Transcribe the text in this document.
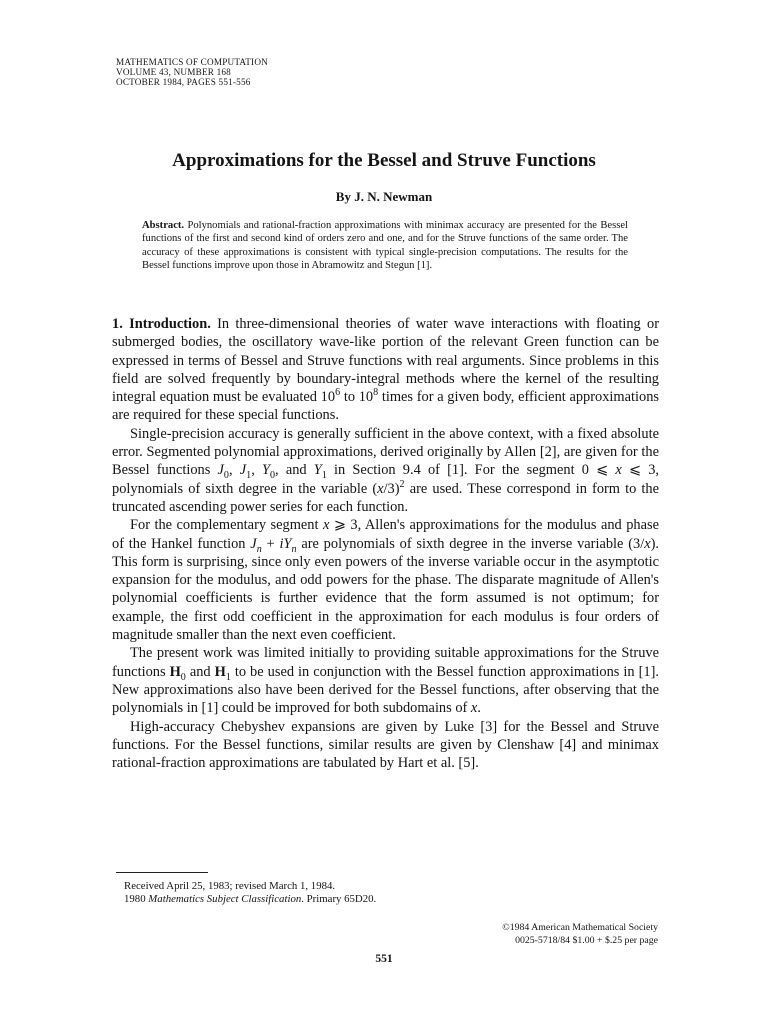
MATHEMATICS OF COMPUTATION
VOLUME 43, NUMBER 168
OCTOBER 1984, PAGES 551-556
Approximations for the Bessel and Struve Functions
By J. N. Newman
Abstract. Polynomials and rational-fraction approximations with minimax accuracy are presented for the Bessel functions of the first and second kind of orders zero and one, and for the Struve functions of the same order. The accuracy of these approximations is consistent with typical single-precision computations. The results for the Bessel functions improve upon those in Abramowitz and Stegun [1].

1. Introduction. In three-dimensional theories of water wave interactions with floating or submerged bodies, the oscillatory wave-like portion of the relevant Green function can be expressed in terms of Bessel and Struve functions with real arguments. Since problems in this field are solved frequently by boundary-integral methods where the kernel of the resulting integral equation must be evaluated $10^6$ to $10^8$ times for a given body, efficient approximations are required for these special functions.

Single-precision accuracy is generally sufficient in the above context, with a fixed absolute error. Segmented polynomial approximations, derived originally by Allen [2], are given for the Bessel functions $J_0$, $J_1$, $Y_0$, and $Y_1$ in Section 9.4 of [1]. For the segment 0 ⩽ x ⩽ 3, polynomials of sixth degree in the variable $(x/3)^2$ are used. These correspond in form to the truncated ascending power series for each function.

For the complementary segment x ⩾ 3, Allen's approximations for the modulus and phase of the Hankel function $J_n + iY_n$ are polynomials of sixth degree in the inverse variable (3/x). This form is surprising, since only even powers of the inverse variable occur in the asymptotic expansion for the modulus, and odd powers for the phase. The disparate magnitude of Allen's polynomial coefficients is further evidence that the form assumed is not optimum; for example, the first odd coefficient in the approximation for each modulus is four orders of magnitude smaller than the next even coefficient.

The present work was limited initially to providing suitable approximations for the Struve functions $H_0$ and $H_1$ to be used in conjunction with the Bessel function approximations in [1]. New approximations also have been derived for the Bessel functions, after observing that the polynomials in [1] could be improved for both subdomains of x.

High-accuracy Chebyshev expansions are given by Luke [3] for the Bessel and Struve functions. For the Bessel functions, similar results are given by Clenshaw [4] and minimax rational-fraction approximations are tabulated by Hart et al. [5].

Received April 25, 1983; revised March 1, 1984.
1980 Mathematics Subject Classification. Primary 65D20.
©1984 American Mathematical Society
0025-5718/84 $1.00 + $.25 per page
551
